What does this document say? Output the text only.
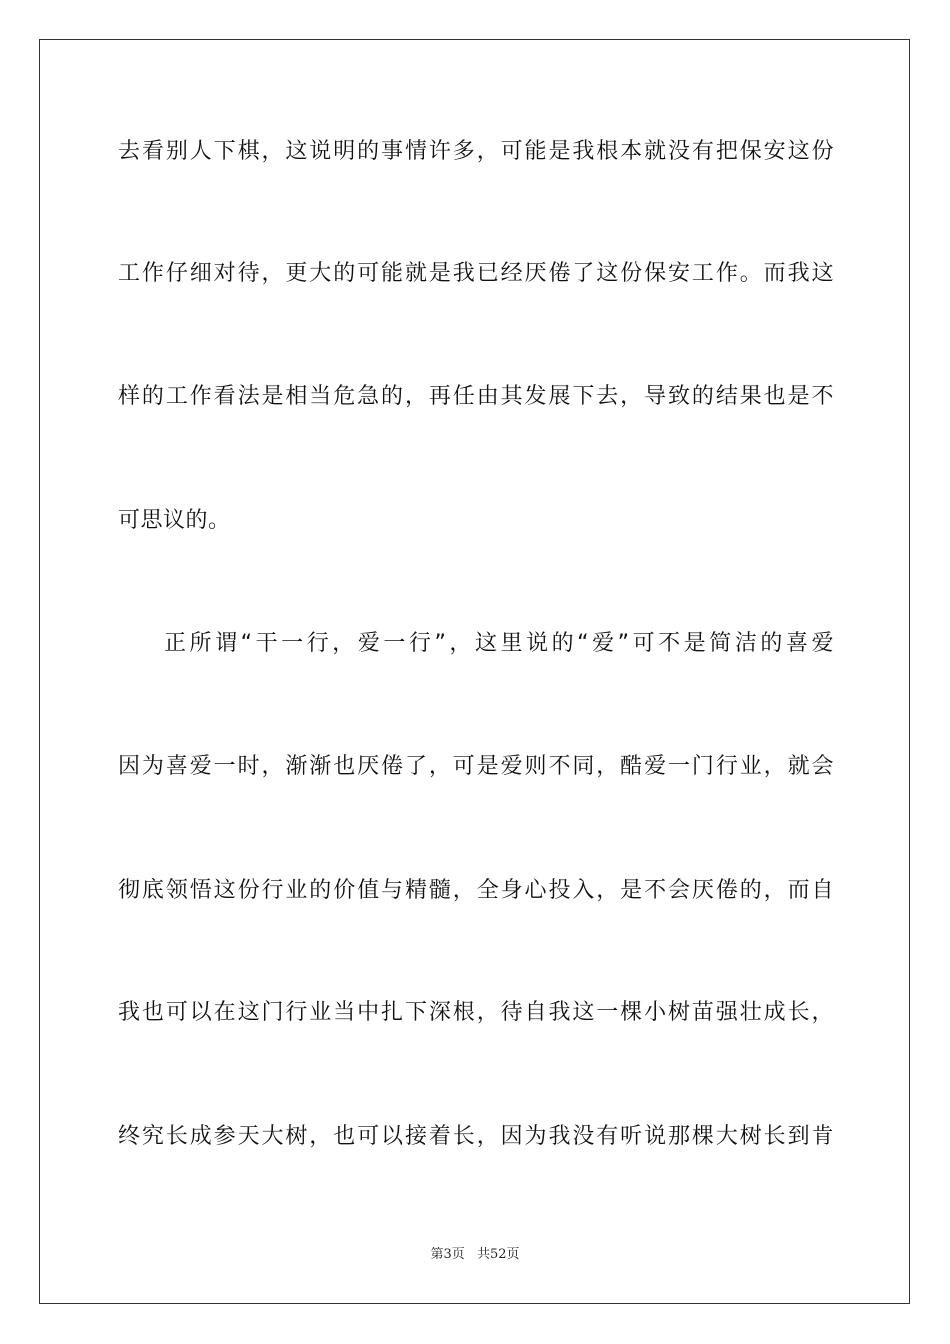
去看别人下棋，这说明的事情许多，可能是我根本就没有把保安这份
工作仔细对待，更大的可能就是我已经厌倦了这份保安工作。而我这
样的工作看法是相当危急的，再任由其发展下去，导致的结果也是不
可思议的。
正所谓“干一行，爱一行”，这里说的“爱”可不是简洁的喜爱
因为喜爱一时，渐渐也厌倦了，可是爱则不同，酷爱一门行业，就会
彻底领悟这份行业的价值与精髓，全身心投入，是不会厌倦的，而自
我也可以在这门行业当中扎下深根，待自我这一棵小树苗强壮成长，
终究长成参天大树，也可以接着长，因为我没有听说那棵大树长到肯
第3页 共52页
